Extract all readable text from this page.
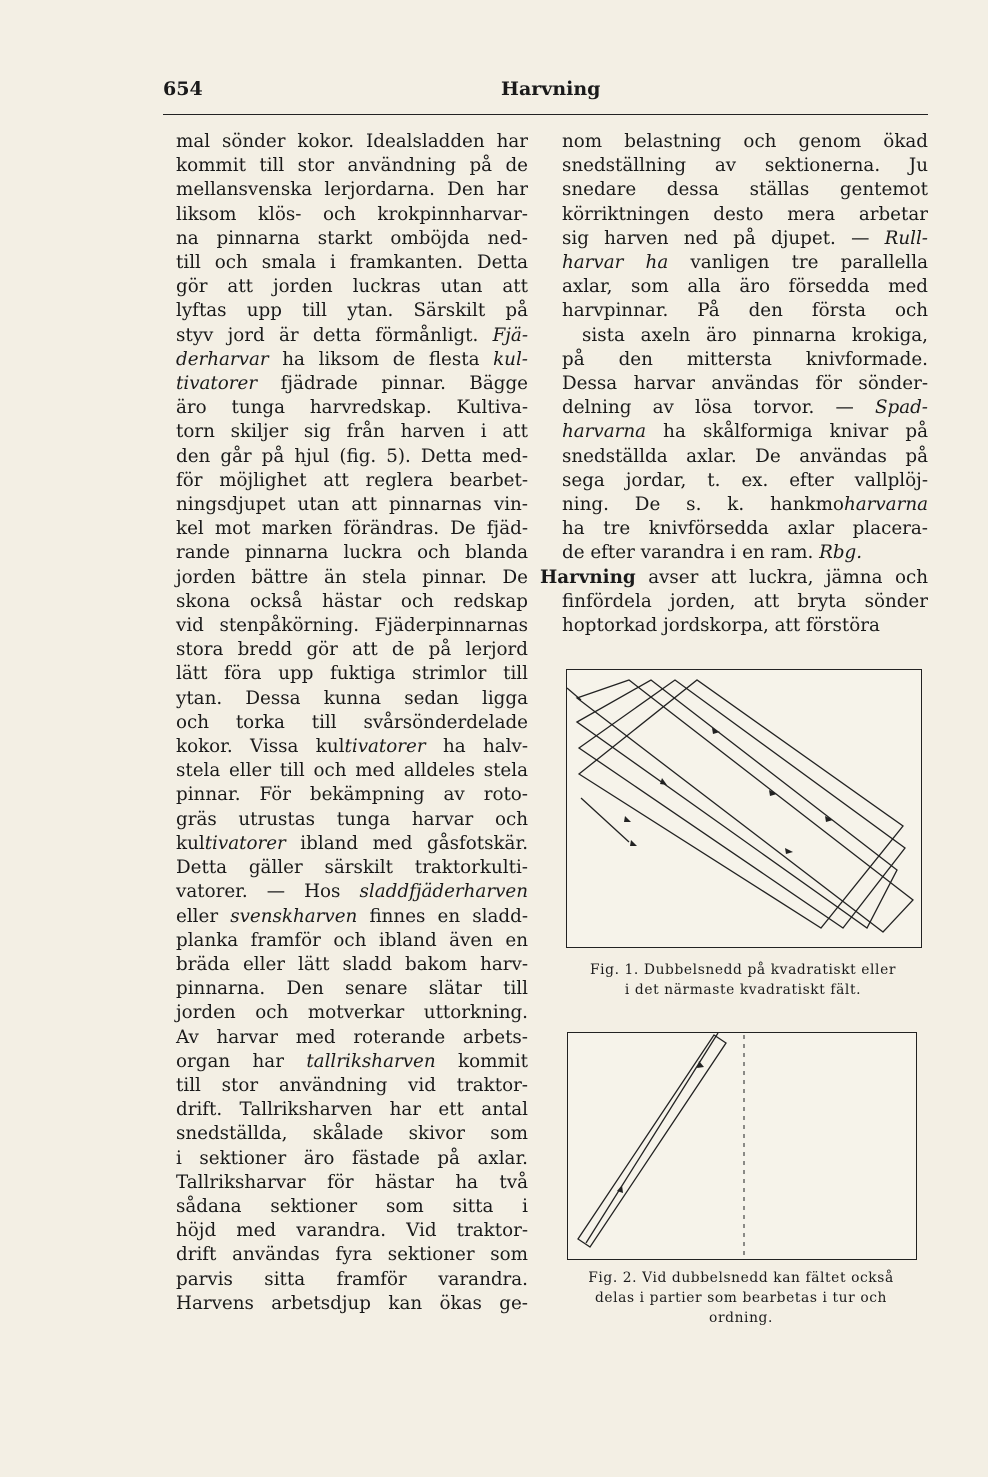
654	Harvning
mal sönder kokor. Idealsladden har
kommit till stor användning på de
mellansvenska lerjordarna. Den har
liksom klös- och krokpinnharvar-
na pinnarna starkt omböjda ned-
till och smala i framkanten. Detta
gör att jorden luckras utan att
lyftas upp till ytan. Särskilt på
styv jord är detta förmånligt. Fjä-
derharvar ha liksom de flesta kul-
tivatorer fjädrade pinnar. Bägge
äro tunga harvredskap. Kultiva-
torn skiljer sig från harven i att
den går på hjul (fig. 5). Detta med-
för möjlighet att reglera bearbet-
ningsdjupet utan att pinnarnas vin-
kel mot marken förändras. De fjäd-
rande pinnarna luckra och blanda
jorden bättre än stela pinnar. De
skona också hästar och redskap
vid stenpåkörning. Fjäderpinnarnas
stora bredd gör att de på lerjord
lätt föra upp fuktiga strimlor till
ytan. Dessa kunna sedan ligga
och torka till svårsönderdelade
kokor. Vissa kultivatorer ha halv-
stela eller till och med alldeles stela
pinnar. För bekämpning av roto-
gräs utrustas tunga harvar och
kultivatorer ibland med gåsfotskär.
Detta gäller särskilt traktorkulti-
vatorer. — Hos sladdfjäderharven
eller svenskharven finnes en sladd-
planka framför och ibland även en
bräda eller lätt sladd bakom harv-
pinnarna. Den senare slätar till
jorden och motverkar uttorkning.
Av harvar med roterande arbets-
organ har tallriksharven kommit
till stor användning vid traktor-
drift. Tallriksharven har ett antal
snedställda, skålade skivor som
i sektioner äro fästade på axlar.
Tallriksharvar för hästar ha två
sådana sektioner som sitta i
höjd med varandra. Vid traktor-
drift användas fyra sektioner som
parvis sitta framför varandra.
Harvens arbetsdjup kan ökas ge-
nom belastning och genom ökad
snedställning av sektionerna. Ju
snedare dessa ställas gentemot
körriktningen desto mera arbetar
sig harven ned på djupet. — Rull-
harvar ha vanligen tre parallella
axlar, som alla äro försedda med
harvpinnar. På den första och
sista axeln äro pinnarna krokiga,
på den mittersta knivformade.
Dessa harvar användas för sönder-
delning av lösa torvor. — Spad-
harvarna ha skålformiga knivar på
snedställda axlar. De användas på
sega jordar, t. ex. efter vallplöj-
ning. De s. k. hankmoharvarna
ha tre knivförsedda axlar placera-
de efter varandra i en ram. Rbg.
Harvning avser att luckra, jämna och
finfördela jorden, att bryta sönder
hoptorkad jordskorpa, att förstöra
Fig. 1. Dubbelsnedd på kvadratiskt eller
i det närmaste kvadratiskt fält.
Fig. 2. Vid dubbelsnedd kan fältet också
delas i partier som bearbetas i tur och
ordning.
